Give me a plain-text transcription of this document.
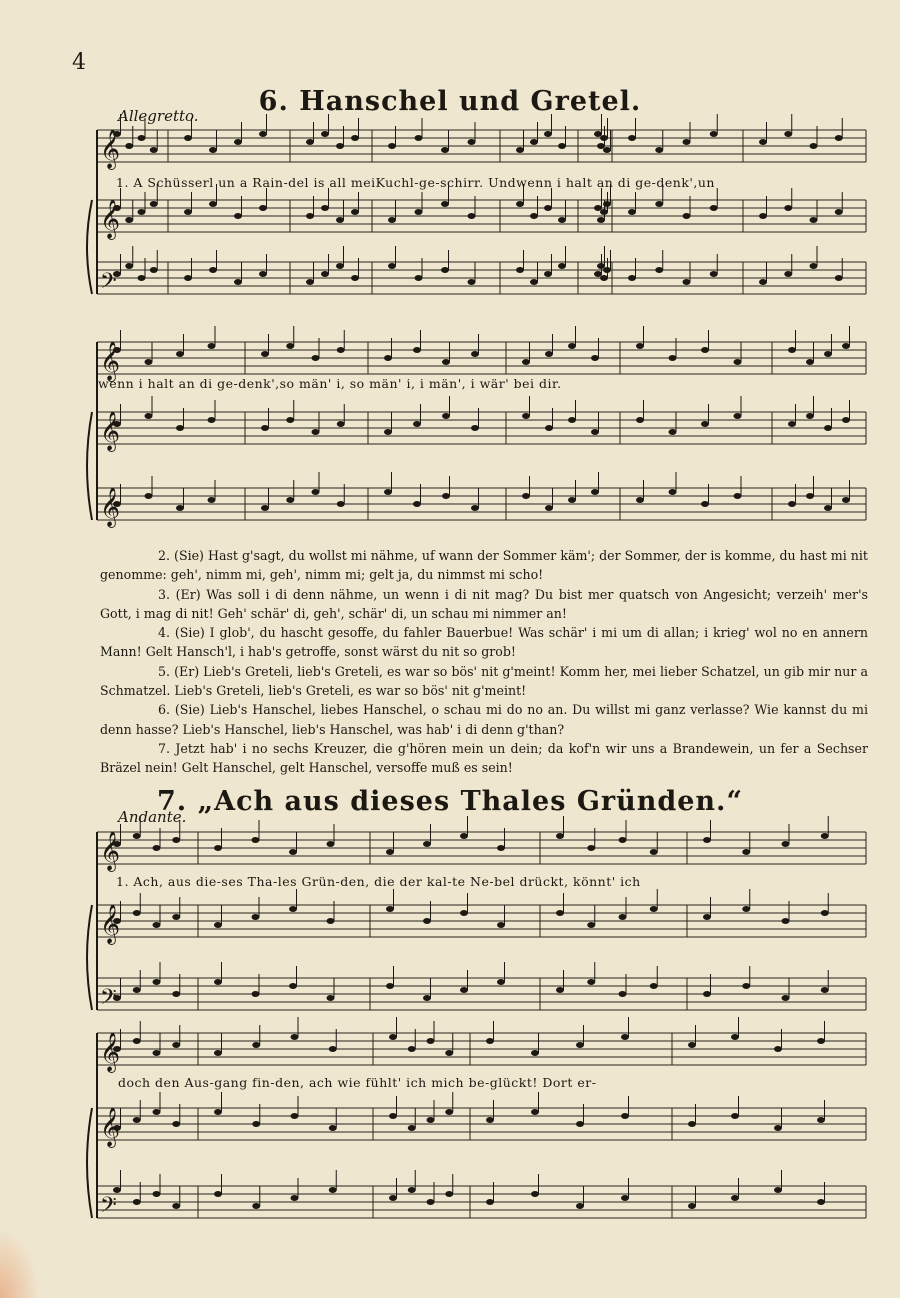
4
6. Hanschel und Gretel.
Allegretto.
1. A Schüsserl un a Rain-del is all meiKuchl-ge-schirr. Undwenn i halt an di ge-denk',un
wenn i halt an di ge-denk',so män' i, so män' i, i män', i wär' bei dir.

2. (Sie) Hast g'sagt, du wollst mi nähme, uf wann der Sommer käm'; der Sommer, der is komme, du hast mi nit genomme: geh', nimm mi, geh', nimm mi; gelt ja, du nimmst mi scho!

3. (Er) Was soll i di denn nähme, un wenn i di nit mag? Du bist mer quatsch von Angesicht; verzeih' mer's Gott, i mag di nit! Geh' schär' di, geh', schär' di, un schau mi nimmer an!

4. (Sie) I glob', du hascht gesoffe, du fahler Bauerbue! Was schär' i mi um di allan; i krieg' wol no en annern Mann! Gelt Hansch'l, i hab's getroffe, sonst wärst du nit so grob!

5. (Er) Lieb's Greteli, lieb's Greteli, es war so bös' nit g'meint! Komm her, mei lieber Schatzel, un gib mir nur a Schmatzel. Lieb's Greteli, lieb's Greteli, es war so bös' nit g'meint!

6. (Sie) Lieb's Hanschel, liebes Hanschel, o schau mi do no an. Du willst mi ganz verlasse? Wie kannst du mi denn hasse? Lieb's Hanschel, lieb's Hanschel, was hab' i di denn g'than?

7. Jetzt hab' i no sechs Kreuzer, die g'hören mein un dein; da kof'n wir uns a Brandewein, un fer a Sechser Bräzel nein! Gelt Hanschel, gelt Hanschel, versoffe muß es sein!

7. „Ach aus dieses Thales Gründen.“
Andante.
1. Ach, aus die-ses Tha-les Grün-den, die der kal-te Ne-bel drückt, könnt' ich
doch den Aus-gang fin-den, ach wie fühlt' ich mich be-glückt! Dort er-
𝄞
𝄞
𝄢
𝄞
𝄞
𝄞
𝄞
𝄞
𝄢
𝄞
𝄞
𝄢
